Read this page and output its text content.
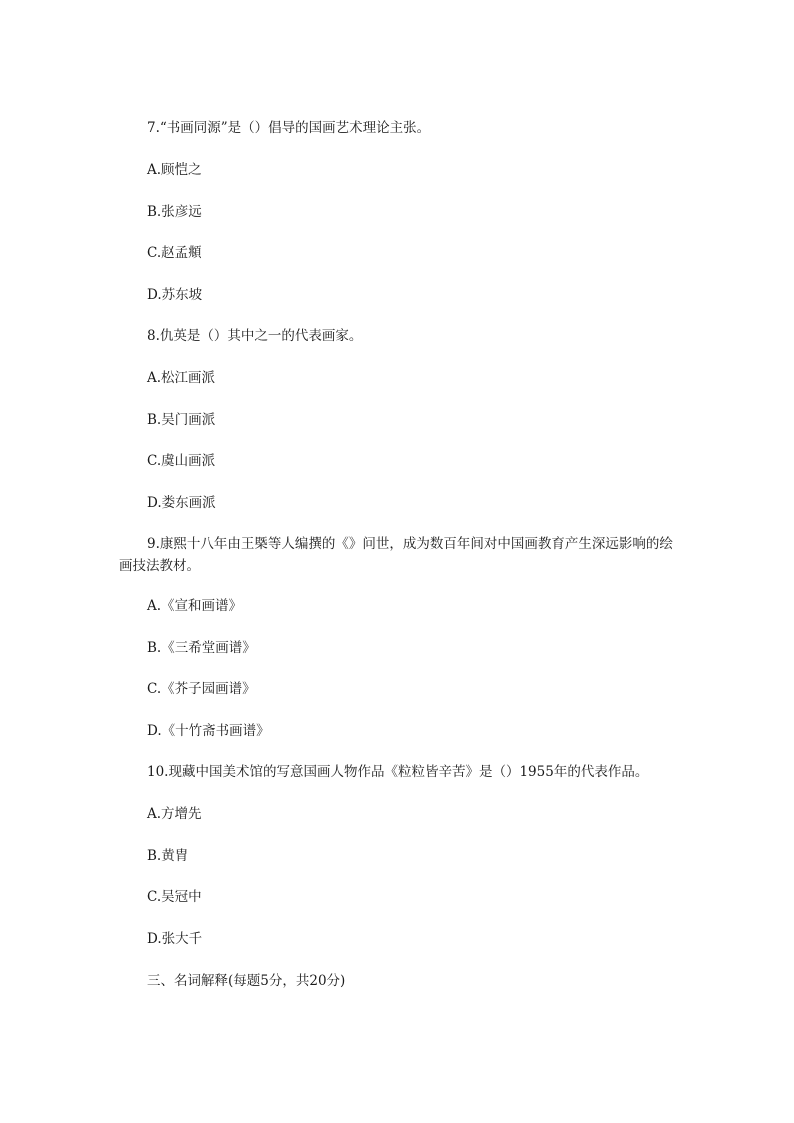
7.“书画同源”是（）倡导的国画艺术理论主张。
A.顾恺之
B.张彦远
C.赵孟頫
D.苏东坡
8.仇英是（）其中之一的代表画家。
A.松江画派
B.吴门画派
C.虞山画派
D.娄东画派
9.康熙十八年由王槩等人编撰的《》问世，成为数百年间对中国画教育产生深远影响的绘画技法教材。
A.《宣和画谱》
B.《三希堂画谱》
C.《芥子园画谱》
D.《十竹斋书画谱》
10.现藏中国美术馆的写意国画人物作品《粒粒皆辛苦》是（）1955年的代表作品。
A.方增先
B.黄胄
C.吴冠中
D.张大千
三、名词解释(每题5分，共20分)
